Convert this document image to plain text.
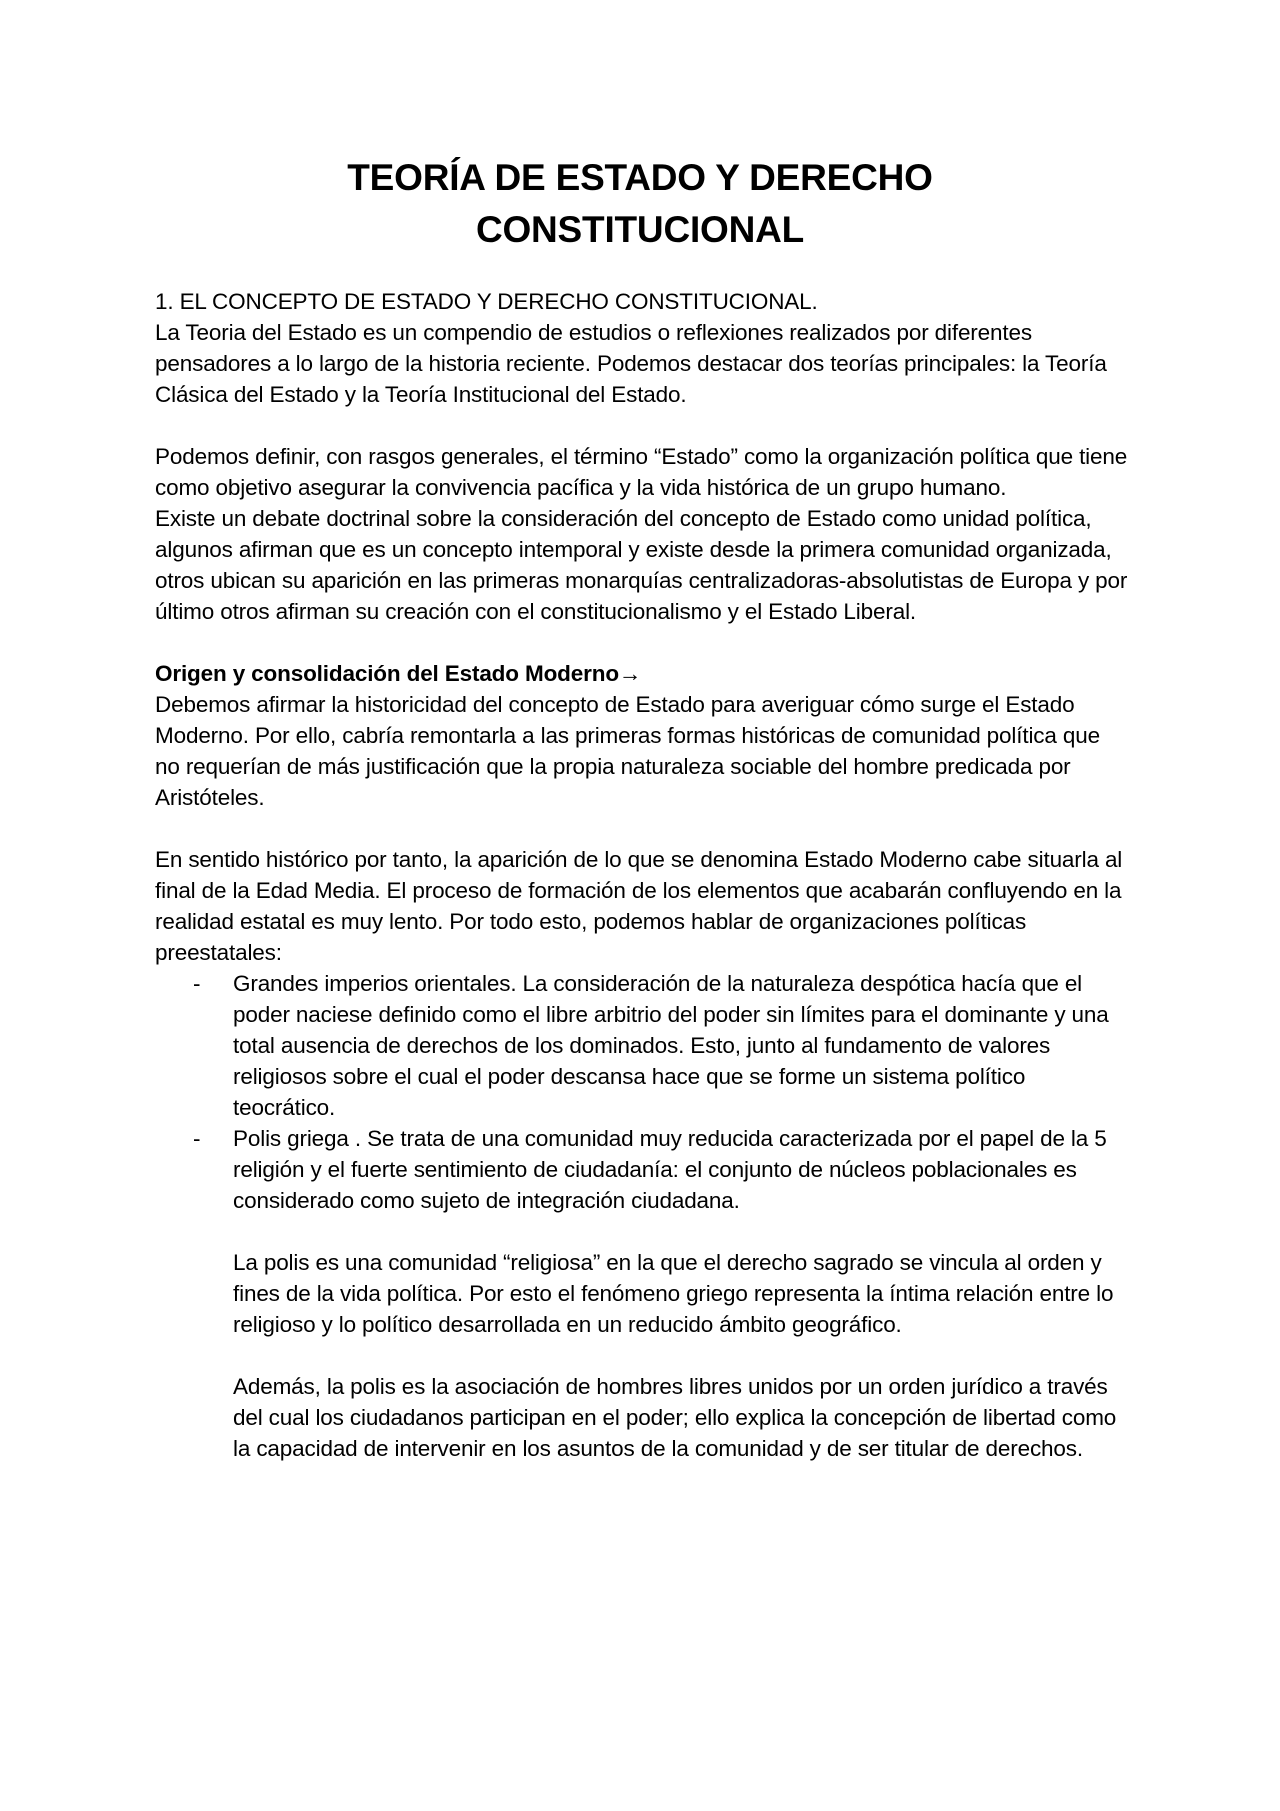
TEORÍA DE ESTADO Y DERECHO
CONSTITUCIONAL

1. EL CONCEPTO DE ESTADO Y DERECHO CONSTITUCIONAL.

La Teoria del Estado es un compendio de estudios o reflexiones realizados por diferentes pensadores a lo largo de la historia reciente. Podemos destacar dos teorías principales: la Teoría Clásica del Estado y la Teoría Institucional del Estado.

Podemos definir, con rasgos generales, el término “Estado” como la organización política que tiene como objetivo asegurar la convivencia pacífica y la vida histórica de un grupo humano.

Existe un debate doctrinal sobre la consideración del concepto de Estado como unidad política, algunos afirman que es un concepto intemporal y existe desde la primera comunidad organizada, otros ubican su aparición en las primeras monarquías centralizadoras-absolutistas de Europa y por último otros afirman su creación con el constitucionalismo y el Estado Liberal.

Origen y consolidación del Estado Moderno→

Debemos afirmar la historicidad del concepto de Estado para averiguar cómo surge el Estado Moderno. Por ello, cabría remontarla a las primeras formas históricas de comunidad política que no requerían de más justificación que la propia naturaleza sociable del hombre predicada por Aristóteles.

En sentido histórico por tanto, la aparición de lo que se denomina Estado Moderno cabe situarla al final de la Edad Media. El proceso de formación de los elementos que acabarán confluyendo en la realidad estatal es muy lento. Por todo esto, podemos hablar de organizaciones políticas preestatales:

- Grandes imperios orientales. La consideración de la naturaleza despótica hacía que el poder naciese definido como el libre arbitrio del poder sin límites para el dominante y una total ausencia de derechos de los dominados. Esto, junto al fundamento de valores religiosos sobre el cual el poder descansa hace que se forme un sistema político teocrático.
- Polis griega . Se trata de una comunidad muy reducida caracterizada por el papel de la 5 religión y el fuerte sentimiento de ciudadanía: el conjunto de núcleos poblacionales es considerado como sujeto de integración ciudadana.

La polis es una comunidad “religiosa” en la que el derecho sagrado se vincula al orden y fines de la vida política. Por esto el fenómeno griego representa la íntima relación entre lo religioso y lo político desarrollada en un reducido ámbito geográfico.

Además, la polis es la asociación de hombres libres unidos por un orden jurídico a través del cual los ciudadanos participan en el poder; ello explica la concepción de libertad como la capacidad de intervenir en los asuntos de la comunidad y de ser titular de derechos.
